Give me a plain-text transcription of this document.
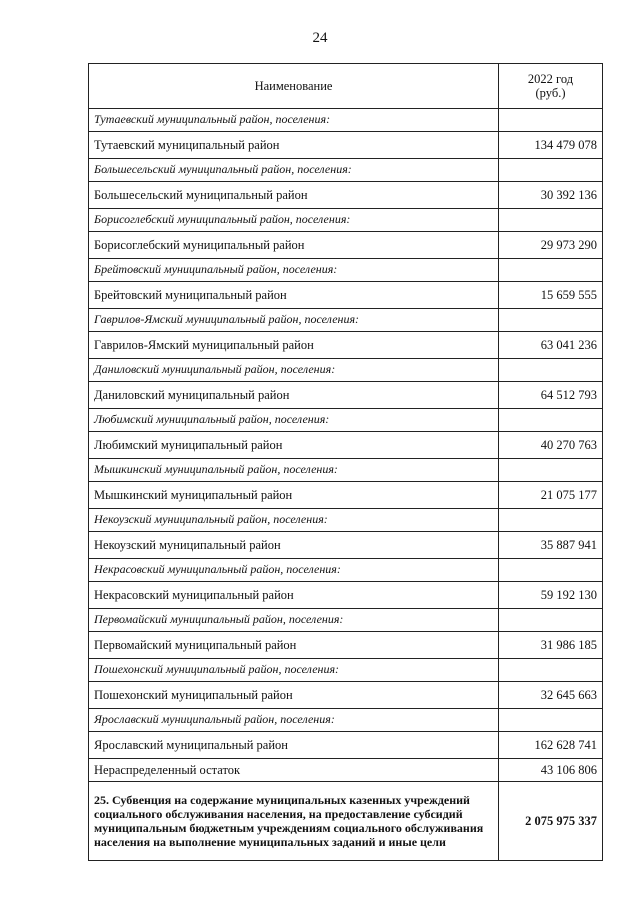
24
Наименование	2022 год
(руб.)
Тутаевский муниципальный район, поселения:	
Тутаевский муниципальный район	134 479 078
Большесельский муниципальный район, поселения:	
Большесельский муниципальный район	30 392 136
Борисоглебский муниципальный район, поселения:	
Борисоглебский муниципальный район	29 973 290
Брейтовский муниципальный район, поселения:	
Брейтовский муниципальный район	15 659 555
Гаврилов-Ямский муниципальный район, поселения:	
Гаврилов-Ямский муниципальный район	63 041 236
Даниловский муниципальный район, поселения:	
Даниловский муниципальный район	64 512 793
Любимский муниципальный район, поселения:	
Любимский муниципальный район	40 270 763
Мышкинский муниципальный район, поселения:	
Мышкинский муниципальный район	21 075 177
Некоузский муниципальный район, поселения:	
Некоузский муниципальный район	35 887 941
Некрасовский муниципальный район, поселения:	
Некрасовский муниципальный район	59 192 130
Первомайский муниципальный район, поселения:	
Первомайский муниципальный район	31 986 185
Пошехонский муниципальный район, поселения:	
Пошехонский муниципальный район	32 645 663
Ярославский муниципальный район, поселения:	
Ярославский муниципальный район	162 628 741
Нераспределенный остаток	43 106 806
25. Субвенция на содержание муниципальных казенных учреждений социального обслуживания населения, на предоставление субсидий муниципальным бюджетным учреждениям социального обслуживания населения на выполнение муниципальных заданий и иные цели	2 075 975 337
